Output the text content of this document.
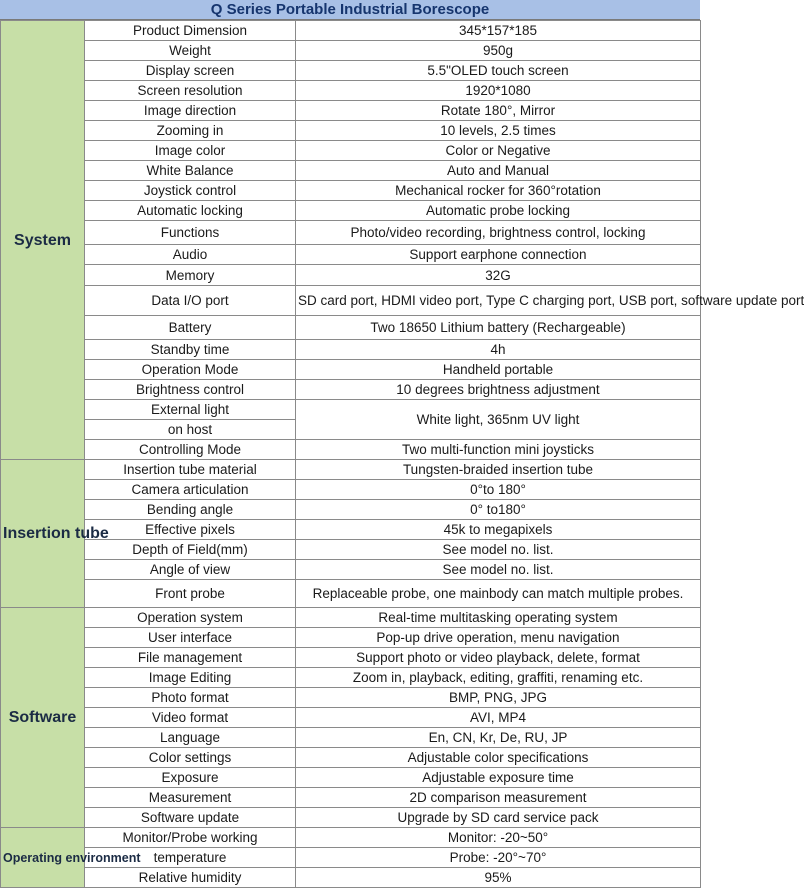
Q Series Portable Industrial Borescope
System	Product Dimension	345*157*185
	Weight	950g
	Display screen	5.5"OLED touch screen
	Screen resolution	1920*1080
	Image direction	Rotate 180°, Mirror
	Zooming in	10 levels, 2.5 times
	Image color	Color or Negative
	White Balance	Auto and Manual
	Joystick control	Mechanical rocker for 360°rotation
	Automatic locking	Automatic probe locking
	Functions	Photo/video recording, brightness control, locking
	Audio	Support earphone connection
	Memory	32G
	Data I/O port	SD card port, HDMI video port, Type C charging port, USB port, software update port
	Battery	Two 18650 Lithium battery (Rechargeable)
	Standby time	4h
	Operation Mode	Handheld portable
	Brightness control	10 degrees brightness adjustment
	External light	White light, 365nm UV light
	on host	
	Controlling Mode	Two multi-function mini joysticks
Insertion tube	Insertion tube material	Tungsten-braided insertion tube
	Camera articulation	0°to 180°
	Bending angle	0° to180°
	Effective pixels	45k to megapixels
	Depth of Field(mm)	See model no. list.
	Angle of view	See model no. list.
	Front probe	Replaceable probe, one mainbody can match multiple probes.
Software	Operation system	Real-time multitasking operating system
	User interface	Pop-up drive operation, menu navigation
	File management	Support photo or video playback, delete, format
	Image Editing	Zoom in, playback, editing, graffiti, renaming etc.
	Photo format	BMP, PNG, JPG
	Video format	AVI, MP4
	Language	En, CN, Kr, De, RU, JP
	Color settings	Adjustable color specifications
	Exposure	Adjustable exposure time
	Measurement	2D comparison measurement
	Software update	Upgrade by SD card service pack
Operating environment	Monitor/Probe working	Monitor: -20~50°
	temperature	Probe: -20°~70°
	Relative humidity	95%
